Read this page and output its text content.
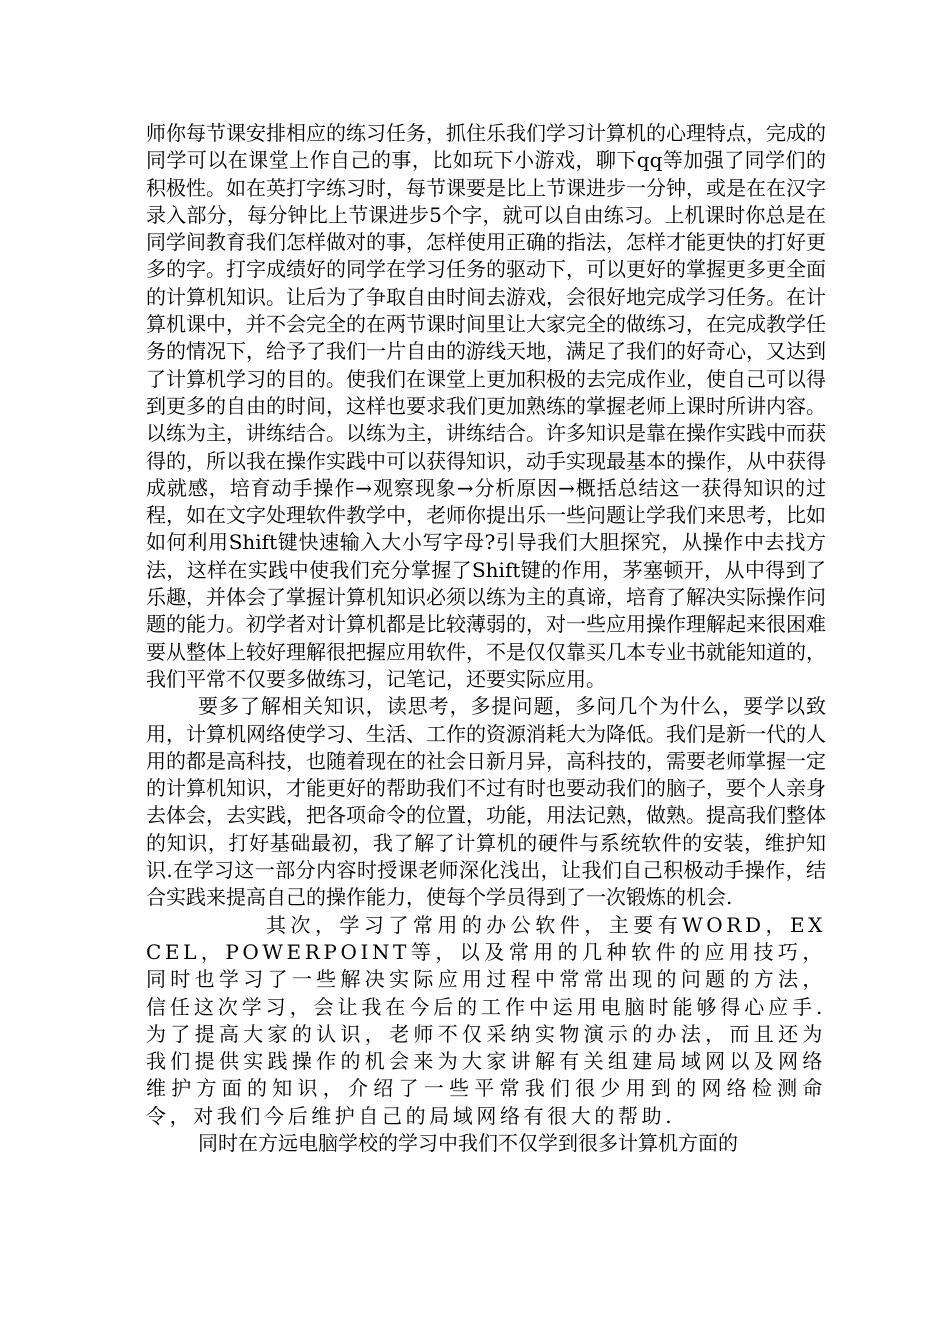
师你每节课安排相应的练习任务，抓住乐我们学习计算机的心理特点，完成的同学可以在课堂上作自己的事，比如玩下小游戏，聊下qq等加强了同学们的积极性。如在英打字练习时，每节课要是比上节课进步一分钟，或是在在汉字录入部分，每分钟比上节课进步5个字，就可以自由练习。上机课时你总是在同学间教育我们怎样做对的事，怎样使用正确的指法，怎样才能更快的打好更多的字。打字成绩好的同学在学习任务的驱动下，可以更好的掌握更多更全面的计算机知识。让后为了争取自由时间去游戏，会很好地完成学习任务。在计算机课中，并不会完全的在两节课时间里让大家完全的做练习，在完成教学任务的情况下，给予了我们一片自由的游线天地，满足了我们的好奇心，又达到了计算机学习的目的。使我们在课堂上更加积极的去完成作业，使自己可以得到更多的自由的时间，这样也要求我们更加熟练的掌握老师上课时所讲内容。以练为主，讲练结合。以练为主，讲练结合。许多知识是靠在操作实践中而获得的，所以我在操作实践中可以获得知识，动手实现最基本的操作，从中获得成就感，培育动手操作→观察现象→分析原因→概括总结这一获得知识的过程，如在文字处理软件教学中，老师你提出乐一些问题让学我们来思考，比如如何利用Shift键快速输入大小写字母?引导我们大胆探究，从操作中去找方法，这样在实践中使我们充分掌握了Shift键的作用，茅塞顿开，从中得到了乐趣，并体会了掌握计算机知识必须以练为主的真谛，培育了解决实际操作问题的能力。初学者对计算机都是比较薄弱的，对一些应用操作理解起来很困难要从整体上较好理解很把握应用软件，不是仅仅靠买几本专业书就能知道的，我们平常不仅要多做练习，记笔记，还要实际应用。

要多了解相关知识，读思考，多提问题，多问几个为什么，要学以致用，计算机网络使学习、生活、工作的资源消耗大为降低。我们是新一代的人用的都是高科技，也随着现在的社会日新月异，高科技的，需要老师掌握一定的计算机知识，才能更好的帮助我们不过有时也要动我们的脑子，要个人亲身去体会，去实践，把各项命令的位置，功能，用法记熟，做熟。提高我们整体的知识，打好基础最初，我了解了计算机的硬件与系统软件的安装，维护知识.在学习这一部分内容时授课老师深化浅出，让我们自己积极动手操作，结合实践来提高自己的操作能力，使每个学员得到了一次锻炼的机会.

其次，学习了常用的办公软件，主要有WORD，EXCEL，POWERPOINT等，以及常用的几种软件的应用技巧，同时也学习了一些解决实际应用过程中常常出现的问题的方法，信任这次学习，会让我在今后的工作中运用电脑时能够得心应手.为了提高大家的认识，老师不仅采纳实物演示的办法，而且还为我们提供实践操作的机会来为大家讲解有关组建局域网以及网络维护方面的知识，介绍了一些平常我们很少用到的网络检测命令，对我们今后维护自己的局域网络有很大的帮助.

同时在方远电脑学校的学习中我们不仅学到很多计算机方面的
